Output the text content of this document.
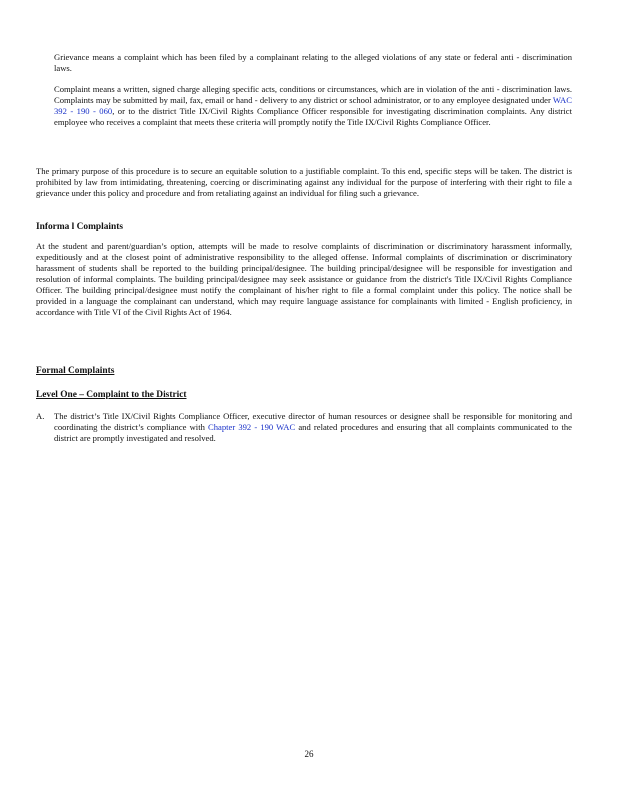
Grievance means a complaint which has been filed by a complainant relating to the alleged violations of any state or federal anti - discrimination laws.
Complaint means a written, signed charge alleging specific acts, conditions or circumstances, which are in violation of the anti - discrimination laws. Complaints may be submitted by mail, fax, email or hand - delivery to any district or school administrator, or to any employee designated under WAC 392 - 190 - 060, or to the district Title IX/Civil Rights Compliance Officer responsible for investigating discrimination complaints. Any district employee who receives a complaint that meets these criteria will promptly notify the Title IX/Civil Rights Compliance Officer.
The primary purpose of this procedure is to secure an equitable solution to a justifiable complaint. To this end, specific steps will be taken. The district is prohibited by law from intimidating, threatening, coercing or discriminating against any individual for the purpose of interfering with their right to file a grievance under this policy and procedure and from retaliating against an individual for filing such a grievance.
Informa l Complaints
At the student and parent/guardian’s option, attempts will be made to resolve complaints of discrimination or discriminatory harassment informally, expeditiously and at the closest point of administrative responsibility to the alleged offense. Informal complaints of discrimination or discriminatory harassment of students shall be reported to the building principal/designee. The building principal/designee will be responsible for investigation and resolution of informal complaints. The building principal/designee may seek assistance or guidance from the district's Title IX/Civil Rights Compliance Officer. The building principal/designee must notify the complainant of his/her right to file a formal complaint under this policy. The notice shall be provided in a language the complainant can understand, which may require language assistance for complainants with limited - English proficiency, in accordance with Title VI of the Civil Rights Act of 1964.
Formal Complaints
Level One – Complaint to the District
A. The district’s Title IX/Civil Rights Compliance Officer, executive director of human resources or designee shall be responsible for monitoring and coordinating the district’s compliance with Chapter 392 - 190 WAC and related procedures and ensuring that all complaints communicated to the district are promptly investigated and resolved.
26
